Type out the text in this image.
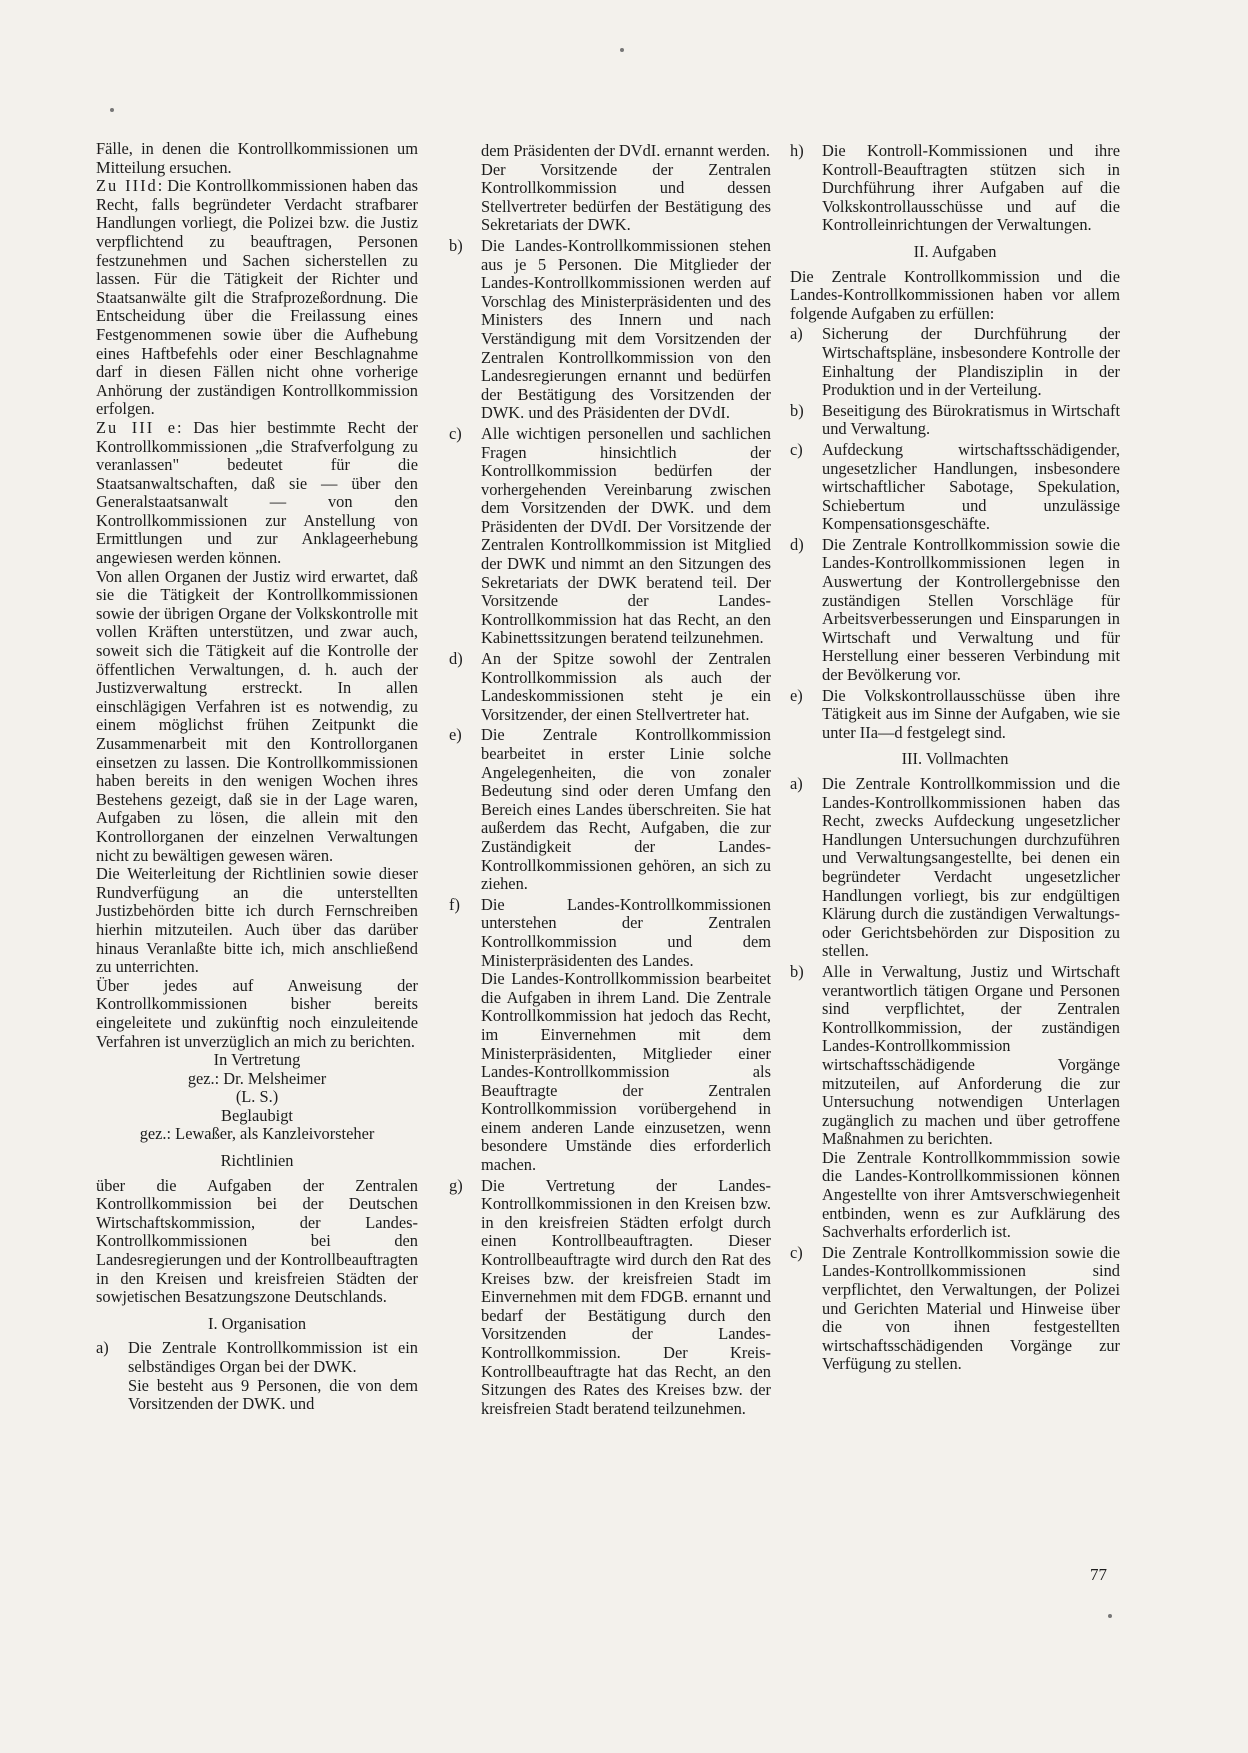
Fälle, in denen die Kontrollkommissionen um Mitteilung ersuchen.

Zu IIId: Die Kontrollkommissionen haben das Recht, falls begründeter Verdacht strafbarer Handlungen vorliegt, die Polizei bzw. die Justiz verpflichtend zu beauftragen, Personen festzunehmen und Sachen sicherstellen zu lassen. Für die Tätigkeit der Richter und Staatsanwälte gilt die Strafprozeßordnung. Die Entscheidung über die Freilassung eines Festgenommenen sowie über die Aufhebung eines Haftbefehls oder einer Beschlagnahme darf in diesen Fällen nicht ohne vorherige Anhörung der zuständigen Kontrollkommission erfolgen.

Zu III e: Das hier bestimmte Recht der Kontrollkommissionen „die Strafverfolgung zu veranlassen" bedeutet für die Staatsanwaltschaften, daß sie — über den Generalstaatsanwalt — von den Kontrollkommissionen zur Anstellung von Ermittlungen und zur Anklageerhebung angewiesen werden können.

Von allen Organen der Justiz wird erwartet, daß sie die Tätigkeit der Kontrollkommissionen sowie der übrigen Organe der Volkskontrolle mit vollen Kräften unterstützen, und zwar auch, soweit sich die Tätigkeit auf die Kontrolle der öffentlichen Verwaltungen, d. h. auch der Justizverwaltung erstreckt. In allen einschlägigen Verfahren ist es notwendig, zu einem möglichst frühen Zeitpunkt die Zusammenarbeit mit den Kontrollorganen einsetzen zu lassen. Die Kontrollkommissionen haben bereits in den wenigen Wochen ihres Bestehens gezeigt, daß sie in der Lage waren, Aufgaben zu lösen, die allein mit den Kontrollorganen der einzelnen Verwaltungen nicht zu bewältigen gewesen wären.

Die Weiterleitung der Richtlinien sowie dieser Rundverfügung an die unterstellten Justizbehörden bitte ich durch Fernschreiben hierhin mitzuteilen. Auch über das darüber hinaus Veranlaßte bitte ich, mich anschließend zu unterrichten.

Über jedes auf Anweisung der Kontrollkommissionen bisher bereits eingeleitete und zukünftig noch einzuleitende Verfahren ist unverzüglich an mich zu berichten.

In Vertretung

gez.: Dr. Melsheimer

(L. S.)

Beglaubigt

gez.: Lewaßer, als Kanzleivorsteher

Richtlinien

über die Aufgaben der Zentralen Kontrollkommission bei der Deutschen Wirtschaftskommission, der Landes-Kontrollkommissionen bei den Landesregierungen und der Kontrollbeauftragten in den Kreisen und kreisfreien Städten der sowjetischen Besatzungszone Deutschlands.

I. Organisation

a)	Die Zentrale Kontrollkommission ist ein selbständiges Organ bei der DWK.

Sie besteht aus 9 Personen, die von dem Vorsitzenden der DWK. und

dem Präsidenten der DVdI. ernannt werden.

Der Vorsitzende der Zentralen Kontrollkommission und dessen Stellvertreter bedürfen der Bestätigung des Sekretariats der DWK.

b)	Die Landes-Kontrollkommissionen stehen aus je 5 Personen. Die Mitglieder der Landes-Kontrollkommissionen werden auf Vorschlag des Ministerpräsidenten und des Ministers des Innern und nach Verständigung mit dem Vorsitzenden der Zentralen Kontrollkommission von den Landesregierungen ernannt und bedürfen der Bestätigung des Vorsitzenden der DWK. und des Präsidenten der DVdI.

c)	Alle wichtigen personellen und sachlichen Fragen hinsichtlich der Kontrollkommission bedürfen der vorhergehenden Vereinbarung zwischen dem Vorsitzenden der DWK. und dem Präsidenten der DVdI. Der Vorsitzende der Zentralen Kontrollkommission ist Mitglied der DWK und nimmt an den Sitzungen des Sekretariats der DWK beratend teil. Der Vorsitzende der Landes-Kontrollkommission hat das Recht, an den Kabinettssitzungen beratend teilzunehmen.

d)	An der Spitze sowohl der Zentralen Kontrollkommission als auch der Landeskommissionen steht je ein Vorsitzender, der einen Stellvertreter hat.

e)	Die Zentrale Kontrollkommission bearbeitet in erster Linie solche Angelegenheiten, die von zonaler Bedeutung sind oder deren Umfang den Bereich eines Landes überschreiten. Sie hat außerdem das Recht, Aufgaben, die zur Zuständigkeit der Landes-Kontrollkommissionen gehören, an sich zu ziehen.

f)	Die Landes-Kontrollkommissionen unterstehen der Zentralen Kontrollkommission und dem Ministerpräsidenten des Landes.

Die Landes-Kontrollkommission bearbeitet die Aufgaben in ihrem Land. Die Zentrale Kontrollkommission hat jedoch das Recht, im Einvernehmen mit dem Ministerpräsidenten, Mitglieder einer Landes-Kontrollkommission als Beauftragte der Zentralen Kontrollkommission vorübergehend in einem anderen Lande einzusetzen, wenn besondere Umstände dies erforderlich machen.

g)	Die Vertretung der Landes-Kontrollkommissionen in den Kreisen bzw. in den kreisfreien Städten erfolgt durch einen Kontrollbeauftragten. Dieser Kontrollbeauftragte wird durch den Rat des Kreises bzw. der kreisfreien Stadt im Einvernehmen mit dem FDGB. ernannt und bedarf der Bestätigung durch den Vorsitzenden der Landes-Kontrollkommission. Der Kreis-Kontrollbeauftragte hat das Recht, an den Sitzungen des Rates des Kreises bzw. der kreisfreien Stadt beratend teilzunehmen.

h)	Die Kontroll-Kommissionen und ihre Kontroll-Beauftragten stützen sich in Durchführung ihrer Aufgaben auf die Volkskontrollausschüsse und auf die Kontrolleinrichtungen der Verwaltungen.

II. Aufgaben

Die Zentrale Kontrollkommission und die Landes-Kontrollkommissionen haben vor allem folgende Aufgaben zu erfüllen:

a)	Sicherung der Durchführung der Wirtschaftspläne, insbesondere Kontrolle der Einhaltung der Plandisziplin in der Produktion und in der Verteilung.

b)	Beseitigung des Bürokratismus in Wirtschaft und Verwaltung.

c)	Aufdeckung wirtschaftsschädigender, ungesetzlicher Handlungen, insbesondere wirtschaftlicher Sabotage, Spekulation, Schiebertum und unzulässige Kompensationsgeschäfte.

d)	Die Zentrale Kontrollkommission sowie die Landes-Kontrollkommissionen legen in Auswertung der Kontrollergebnisse den zuständigen Stellen Vorschläge für Arbeitsverbesserungen und Einsparungen in Wirtschaft und Verwaltung und für Herstellung einer besseren Verbindung mit der Bevölkerung vor.

e)	Die Volkskontrollausschüsse üben ihre Tätigkeit aus im Sinne der Aufgaben, wie sie unter IIa—d festgelegt sind.

III. Vollmachten

a)	Die Zentrale Kontrollkommission und die Landes-Kontrollkommissionen haben das Recht, zwecks Aufdeckung ungesetzlicher Handlungen Untersuchungen durchzuführen und Verwaltungsangestellte, bei denen ein begründeter Verdacht ungesetzlicher Handlungen vorliegt, bis zur endgültigen Klärung durch die zuständigen Verwaltungs- oder Gerichtsbehörden zur Disposition zu stellen.

b)	Alle in Verwaltung, Justiz und Wirtschaft verantwortlich tätigen Organe und Personen sind verpflichtet, der Zentralen Kontrollkommission, der zuständigen Landes-Kontrollkommission wirtschaftsschädigende Vorgänge mitzuteilen, auf Anforderung die zur Untersuchung notwendigen Unterlagen zugänglich zu machen und über getroffene Maßnahmen zu berichten.

Die Zentrale Kontrollkommmission sowie die Landes-Kontrollkommissionen können Angestellte von ihrer Amtsverschwiegenheit entbinden, wenn es zur Aufklärung des Sachverhalts erforderlich ist.

c)	Die Zentrale Kontrollkommission sowie die Landes-Kontrollkommissionen sind verpflichtet, den Verwaltungen, der Polizei und Gerichten Material und Hinweise über die von ihnen festgestellten wirtschaftsschädigenden Vorgänge zur Verfügung zu stellen.

77
